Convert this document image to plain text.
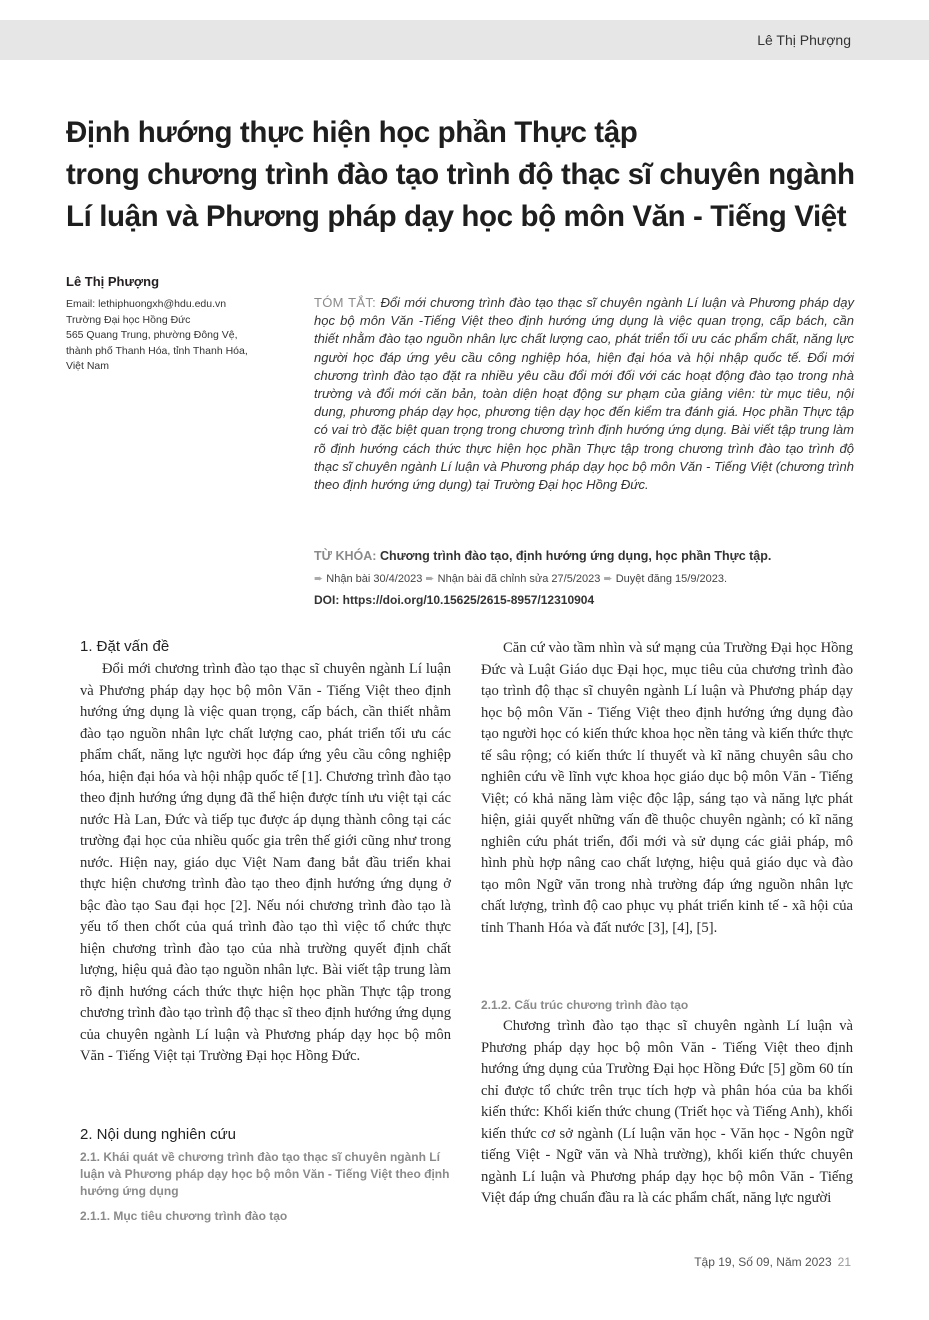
Lê Thị Phượng
Định hướng thực hiện học phần Thực tập
trong chương trình đào tạo trình độ thạc sĩ chuyên ngành
Lí luận và Phương pháp dạy học bộ môn Văn - Tiếng Việt
Lê Thị Phượng
Email: lethiphuongxh@hdu.edu.vn
Trường Đại học Hồng Đức
565 Quang Trung, phường Đông Vệ,
thành phố Thanh Hóa, tỉnh Thanh Hóa,
Việt Nam
TÓM TẮT: Đổi mới chương trình đào tạo thạc sĩ chuyên ngành Lí luận và Phương pháp dạy học bộ môn Văn -Tiếng Việt theo định hướng ứng dụng là việc quan trọng, cấp bách, cần thiết nhằm đào tạo nguồn nhân lực chất lượng cao, phát triển tối ưu các phẩm chất, năng lực người học đáp ứng yêu cầu công nghiệp hóa, hiện đại hóa và hội nhập quốc tế. Đổi mới chương trình đào tạo đặt ra nhiều yêu cầu đổi mới đối với các hoạt động đào tạo trong nhà trường và đổi mới căn bản, toàn diện hoạt động sư phạm của giảng viên: từ mục tiêu, nội dung, phương pháp dạy học, phương tiện dạy học đến kiểm tra đánh giá. Học phần Thực tập có vai trò đặc biệt quan trọng trong chương trình định hướng ứng dụng. Bài viết tập trung làm rõ định hướng cách thức thực hiện học phần Thực tập trong chương trình đào tạo trình độ thạc sĩ chuyên ngành Lí luận và Phương pháp dạy học bộ môn Văn - Tiếng Việt (chương trình theo định hướng ứng dụng) tại Trường Đại học Hồng Đức.
TỪ KHÓA: Chương trình đào tạo, định hướng ứng dụng, học phần Thực tập.
➨ Nhận bài 30/4/2023 ➨ Nhận bài đã chỉnh sửa 27/5/2023 ➨ Duyệt đăng 15/9/2023.
DOI: https://doi.org/10.15625/2615-8957/12310904
1. Đặt vấn đề

Đổi mới chương trình đào tạo thạc sĩ chuyên ngành Lí luận và Phương pháp dạy học bộ môn Văn - Tiếng Việt theo định hướng ứng dụng là việc quan trọng, cấp bách, cần thiết nhằm đào tạo nguồn nhân lực chất lượng cao, phát triển tối ưu các phẩm chất, năng lực người học đáp ứng yêu cầu công nghiệp hóa, hiện đại hóa và hội nhập quốc tế [1]. Chương trình đào tạo theo định hướng ứng dụng đã thể hiện được tính ưu việt tại các nước Hà Lan, Đức và tiếp tục được áp dụng thành công tại các trường đại học của nhiều quốc gia trên thế giới cũng như trong nước. Hiện nay, giáo dục Việt Nam đang bắt đầu triển khai thực hiện chương trình đào tạo theo định hướng ứng dụng ở bậc đào tạo Sau đại học [2]. Nếu nói chương trình đào tạo là yếu tố then chốt của quá trình đào tạo thì việc tổ chức thực hiện chương trình đào tạo của nhà trường quyết định chất lượng, hiệu quả đào tạo nguồn nhân lực. Bài viết tập trung làm rõ định hướng cách thức thực hiện học phần Thực tập trong chương trình đào tạo trình độ thạc sĩ theo định hướng ứng dụng của chuyên ngành Lí luận và Phương pháp dạy học bộ môn Văn - Tiếng Việt tại Trường Đại học Hồng Đức.

2. Nội dung nghiên cứu
2.1. Khái quát về chương trình đào tạo thạc sĩ chuyên ngành Lí luận và Phương pháp dạy học bộ môn Văn - Tiếng Việt theo định hướng ứng dụng
2.1.1. Mục tiêu chương trình đào tạo

Căn cứ vào tầm nhìn và sứ mạng của Trường Đại học Hồng Đức và Luật Giáo dục Đại học, mục tiêu của chương trình đào tạo trình độ thạc sĩ chuyên ngành Lí luận và Phương pháp dạy học bộ môn Văn - Tiếng Việt theo định hướng ứng dụng đào tạo người học có kiến thức khoa học nền tảng và kiến thức thực tế sâu rộng; có kiến thức lí thuyết và kĩ năng chuyên sâu cho nghiên cứu về lĩnh vực khoa học giáo dục bộ môn Văn - Tiếng Việt; có khả năng làm việc độc lập, sáng tạo và năng lực phát hiện, giải quyết những vấn đề thuộc chuyên ngành; có kĩ năng nghiên cứu phát triển, đổi mới và sử dụng các giải pháp, mô hình phù hợp nâng cao chất lượng, hiệu quả giáo dục và đào tạo môn Ngữ văn trong nhà trường đáp ứng nguồn nhân lực chất lượng, trình độ cao phục vụ phát triển kinh tế - xã hội của tỉnh Thanh Hóa và đất nước [3], [4], [5].

2.1.2. Cấu trúc chương trình đào tạo

Chương trình đào tạo thạc sĩ chuyên ngành Lí luận và Phương pháp dạy học bộ môn Văn - Tiếng Việt theo định hướng ứng dụng của Trường Đại học Hồng Đức [5] gồm 60 tín chỉ được tổ chức trên trục tích hợp và phân hóa của ba khối kiến thức: Khối kiến thức chung (Triết học và Tiếng Anh), khối kiến thức cơ sở ngành (Lí luận văn học - Văn học - Ngôn ngữ tiếng Việt - Ngữ văn và Nhà trường), khối kiến thức chuyên ngành Lí luận và Phương pháp dạy học bộ môn Văn - Tiếng Việt đáp ứng chuẩn đầu ra là các phẩm chất, năng lực người

Tập 19, Số 09, Năm 2023 21
